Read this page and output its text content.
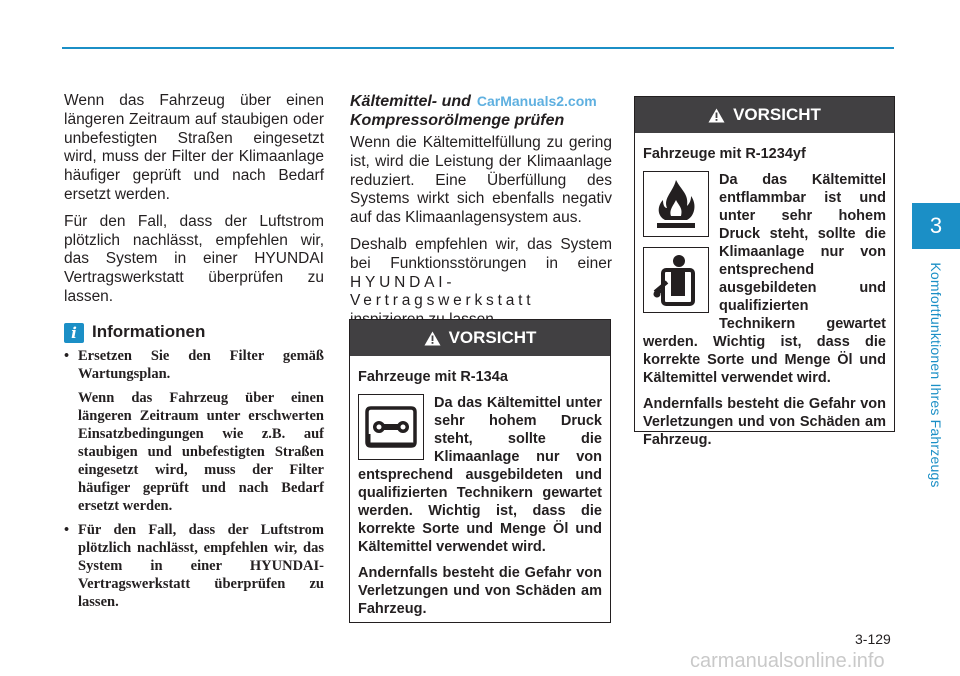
3
Komfortfunktionen Ihres Fahrzeugs

Wenn das Fahrzeug über einen längeren Zeitraum auf staubigen oder unbefestigten Straßen eingesetzt wird, muss der Filter der Klimaanlage häufiger geprüft und nach Bedarf ersetzt werden.

Für den Fall, dass der Luftstrom plötzlich nachlässt, empfehlen wir, das System in einer HYUNDAI Vertragswerkstatt überprüfen zu lassen.

i Informationen
• Ersetzen Sie den Filter gemäß Wartungsplan.
Wenn das Fahrzeug über einen längeren Zeitraum unter erschwerten Einsatzbedingungen wie z.B. auf staubigen und unbefestigten Straßen eingesetzt wird, muss der Filter häufiger geprüft und nach Bedarf ersetzt werden.
• Für den Fall, dass der Luftstrom plötzlich nachlässt, empfehlen wir, das System in einer HYUNDAI-Vertragswerkstatt überprüfen zu lassen.
Kältemittel- und CarManuals2.com
Kompressorölmenge prüfen

Wenn die Kältemittelfüllung zu gering ist, wird die Leistung der Klimaanlage reduziert. Eine Überfüllung des Systems wirkt sich ebenfalls negativ auf das Klimaanlagensystem aus.

Deshalb empfehlen wir, das System bei Funktionsstörungen in einer HYUNDAI-Vertragswerkstatt

VORSICHT

Fahrzeuge mit R-134a

Da das Kältemittel unter sehr hohem Druck steht, sollte die Klimaanlage nur von entsprechend ausgebildeten und qualifizierten Technikern gewartet werden. Wichtig ist, dass die korrekte Sorte und Menge Öl und Kältemittel verwendet wird.

Andernfalls besteht die Gefahr von Verletzungen und von Schäden am Fahrzeug.

VORSICHT

Fahrzeuge mit R-1234yf

Da das Kältemittel entflammbar ist und unter sehr hohem Druck steht, sollte die Klimaanlage nur von entsprechend ausgebildeten und qualifizierten Technikern gewartet werden. Wichtig ist, dass die korrekte Sorte und Menge Öl und Kältemittel verwendet wird.

Andernfalls besteht die Gefahr von Verletzungen und von Schäden am Fahrzeug.

3-129
carmanualsonline.info
